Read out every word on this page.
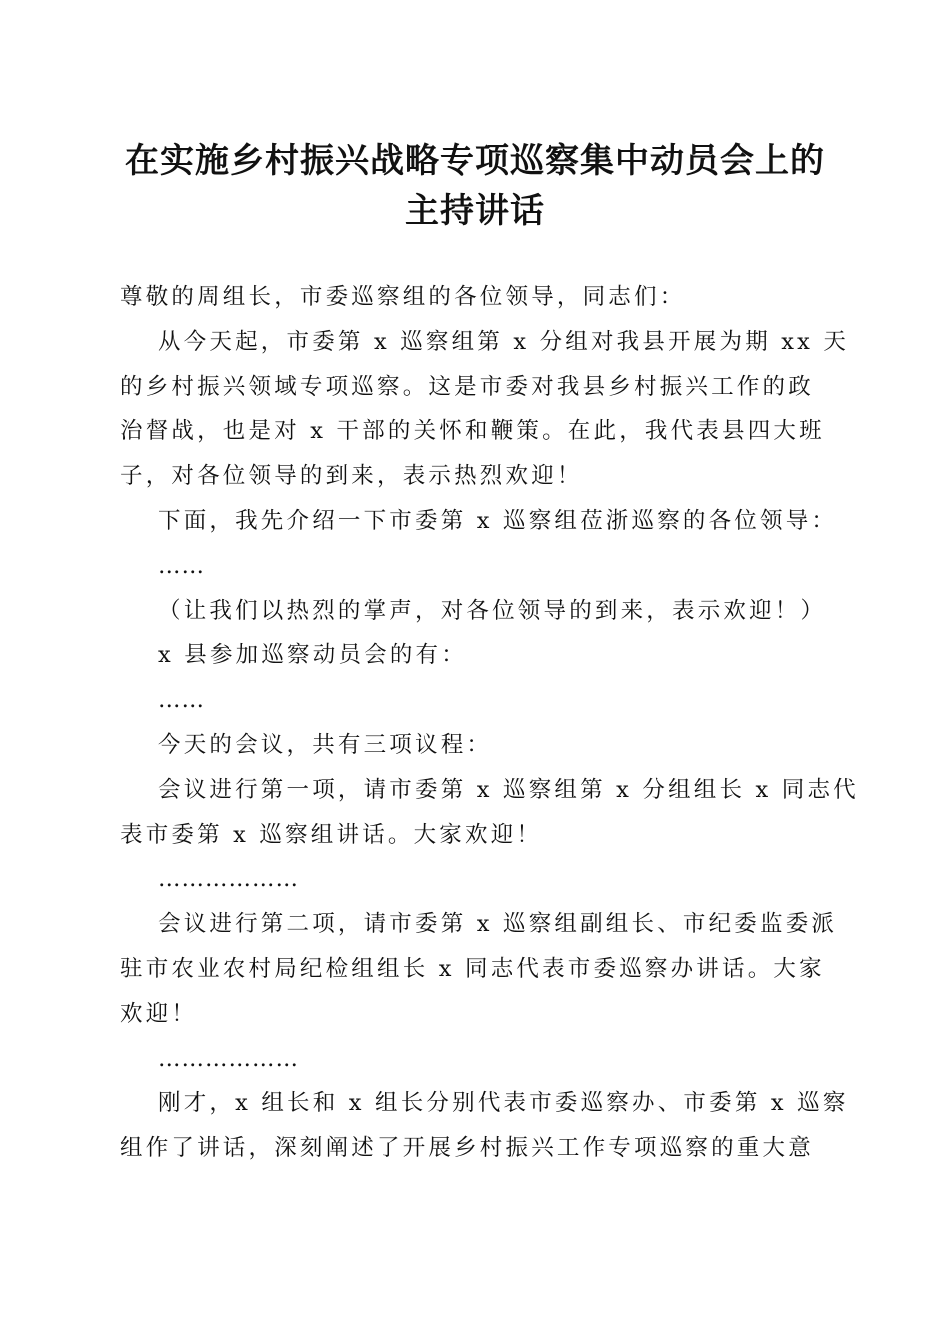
在实施乡村振兴战略专项巡察集中动员会上的
主持讲话
尊敬的周组长，市委巡察组的各位领导，同志们：
从今天起，市委第 x 巡察组第 x 分组对我县开展为期 xx 天
的乡村振兴领域专项巡察。这是市委对我县乡村振兴工作的政
治督战，也是对 x 干部的关怀和鞭策。在此，我代表县四大班
子，对各位领导的到来，表示热烈欢迎！
下面，我先介绍一下市委第 x 巡察组莅浙巡察的各位领导：
……
（让我们以热烈的掌声，对各位领导的到来，表示欢迎！）
x 县参加巡察动员会的有：
……
今天的会议，共有三项议程：
会议进行第一项，请市委第 x 巡察组第 x 分组组长 x 同志代
表市委第 x 巡察组讲话。大家欢迎！
………………
会议进行第二项，请市委第 x 巡察组副组长、市纪委监委派
驻市农业农村局纪检组组长 x 同志代表市委巡察办讲话。大家
欢迎！
………………
刚才，x 组长和 x 组长分别代表市委巡察办、市委第 x 巡察
组作了讲话，深刻阐述了开展乡村振兴工作专项巡察的重大意
